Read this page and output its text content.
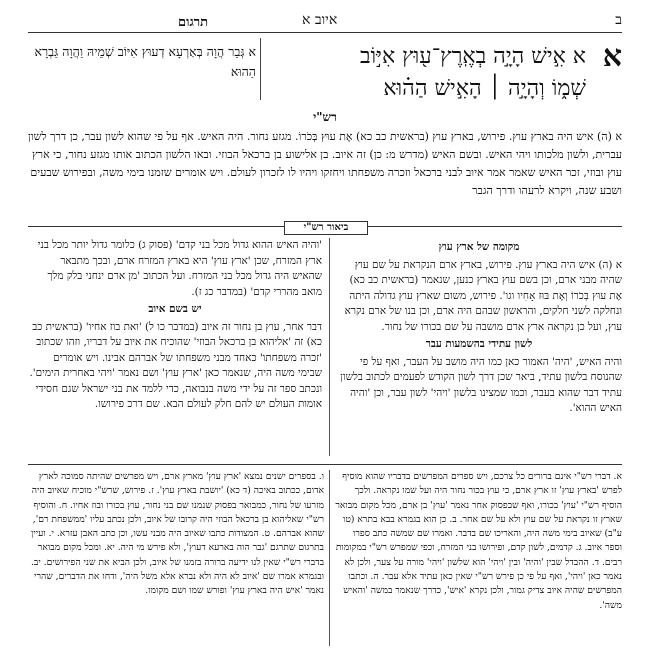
ב
איוב א
תרגום
א
א אִ֣ישׁ הָיָ֣ה בְאֶֽרֶץ־ע֖וּץ אִיּ֣וֹב
שְׁמ֑וֹ וְהָיָ֣ה ׀ הָאִ֣ישׁ הַה֗וּא
א גְּבַר הֲוָה בְּאַרְעָא דְעוּץ אִיּוֹב שְׁמֵיהּ וַהֲוָה גַּבְרָא הַהוּא
רש"י
א (ה) איש היה בארץ עוץ. פירוש, בארץ עוץ (בראשית כב כא) אֶת עוּץ בְּכֹרוֹ. מגזע נחור. היה האיש. אף על פי שהוא לשון עבר, כן דרך לשון עברית, ולשון מלכותו ויהי האיש. ובשם האיש (מדרש מ: כן) זה איוב. בן אלישוע בן ברכאל הבוזי. ובאו הלשון הכתוב אותו מגזע נחור, כי ארץ עוץ ובוזי, זכר האיש שאמר אמר איוב לבני ברכאל וזכרה משפחתו ויחזקו ויהיו לו לזכרון לעולם. ויש אומרים שזמנו בימי משה, ובפירוש שבעים ושבע שנה, ויקרא לרעהו ודרך הגבר
ביאור רש"י
מקומה של ארץ עוץ

א (ה) איש היה בארץ עוץ. פירוש, בארץ ארם הנקראת על שם עוץ שהיה מבני ארם, וכן בשם עוץ בארץ כנען, שנאמר (בראשית כב כא) אֶת עוּץ בְּכֹרוֹ וְאֶת בּוּז אָחִיו וגו'. פירוש, משום שארץ עוץ גדולה היתה ונחלקה לשני חלקים, והראשון שבהם היה ארם, וכן בנו של ארם נקרא עוץ, ועל כן נקראה ארץ ארם מושבה על שם בכורו של נחור.

לשון עתידי בהשמעות עבר

והיה האיש, 'היה' האמור כאן כמו היה מושב על העבר, ואף על פי שהנוסח בלשון עתיד, ביאר שכן דרך לשון הקודש לפעמים לכתוב בלשון עתיד דבר שהוא בעבר, וכמו שמצינו בלשון 'ויהי' לשון עבר, וכן 'והיה האיש ההוא'.

'והיה האיש ההוא גדול מכל בני קדם' (פסוק ג) כלומר גדול יותר מכל בני ארץ המזרח, שכן 'ארץ עוץ' היא בארץ המזרח ארם, ובכך מתבאר שהאיש היה גדול מכל בני המזרח. ועל הכתוב 'מן ארם ינחני בלק מלך מואב מהררי קדם' (במדבר כג ז).

יש בשם איוב

דבר אחר, עוץ בן נחור זה איוב (במדבר כו ל) 'ואת בוז אחיו' (בראשית כב כא) זה 'אליהוא בן ברכאל הבוזי' שהוכיח את איוב על דבריו, וזהו שכתוב 'זכרה משפחתו' כאחד מבני משפחתו של אברהם אבינו. ויש אומרים שבימי משה היה, שנאמר כאן 'ארץ עוץ' ושם נאמר 'ויהי באחרית הימים'. ונכתב ספר זה על ידי משה בנבואה, כדי ללמד את בני ישראל שגם חסידי אומות העולם יש להם חלק לעולם הבא. שם דרכ פירושו.

א. דברי רש"י אינם ברורים כל צרכם, ויש ספרים המפרשים בדבריו שהוא מוסיף לפרש 'בארץ עוץ' זו ארץ ארם, כי עוץ בכור נחור היה ועל שמו נקראה. ולכך הוסיף רש"י 'עוץ' בכורו, ואף שבפסוק אחר נאמר 'עוץ' בן ארם, מכל מקום מבואר שארץ זו נקראת על שם עוץ ולא על שם אחר. ב. כן הוא בגמרא בבא בתרא (טו ע"ב) שאיוב בימי משה היה, והאריכו שם בדבר. ואמרו שם שמשה כתב ספרו וספר איוב. ג. קדמים, לשון קדם, ופירושו בני המזרח, וכפי שמפרש רש"י במקומות רבים. ד. ההבדל שבין 'והיה' ובין 'ויהי' הוא שלשון 'ויהי' מורה על צער, ולכן לא נאמר כאן 'ויהי', ואף על פי כן פירש רש"י שאין כאן עתיד אלא עבר. ה. וכתבו המפרשים שהיה איוב צדיק גמור, ולכן נקרא 'איש', כדרך שנאמר במשה 'והאיש משה'.
ו. בספרים ישנים נמצא 'ארץ עוץ' מארץ ארם, ויש מפרשים שהיתה סמוכה לארץ אדום, ככתוב באיכה (ד כא) 'יושבת בארץ עוץ'. ז. פירוש, שרש"י מוכיח שאיוב היה מזרעו של נחור, כמבואר בפסוק שנמנו שם בני נחור, עוץ בכורו ובוז אחיו. ח. והוסיף רש"י שאליהוא בן ברכאל הבוזי היה קרובו של איוב, ולכן נכתב עליו 'ממשפחת רם', שהוא אברהם. ט. המצודות כתבו שאיוב היה מבני עשו, וכן כתב האבן עזרא. י. ועיין בתרגום שתרגם 'גבר הוה בארעא דעוץ', ולא פירש מי היה. יא. ומכל מקום מבואר בדברי רש"י שאין לנו ידיעה ברורה בזמנו של איוב, ולכן הביא את שני הפירושים. יב. ובגמרא אמרו שם 'איוב לא היה ולא נברא אלא משל היה', ודחו את הדברים, שהרי נאמר 'איש היה בארץ עוץ' ופורש שמו ושם מקומו.
